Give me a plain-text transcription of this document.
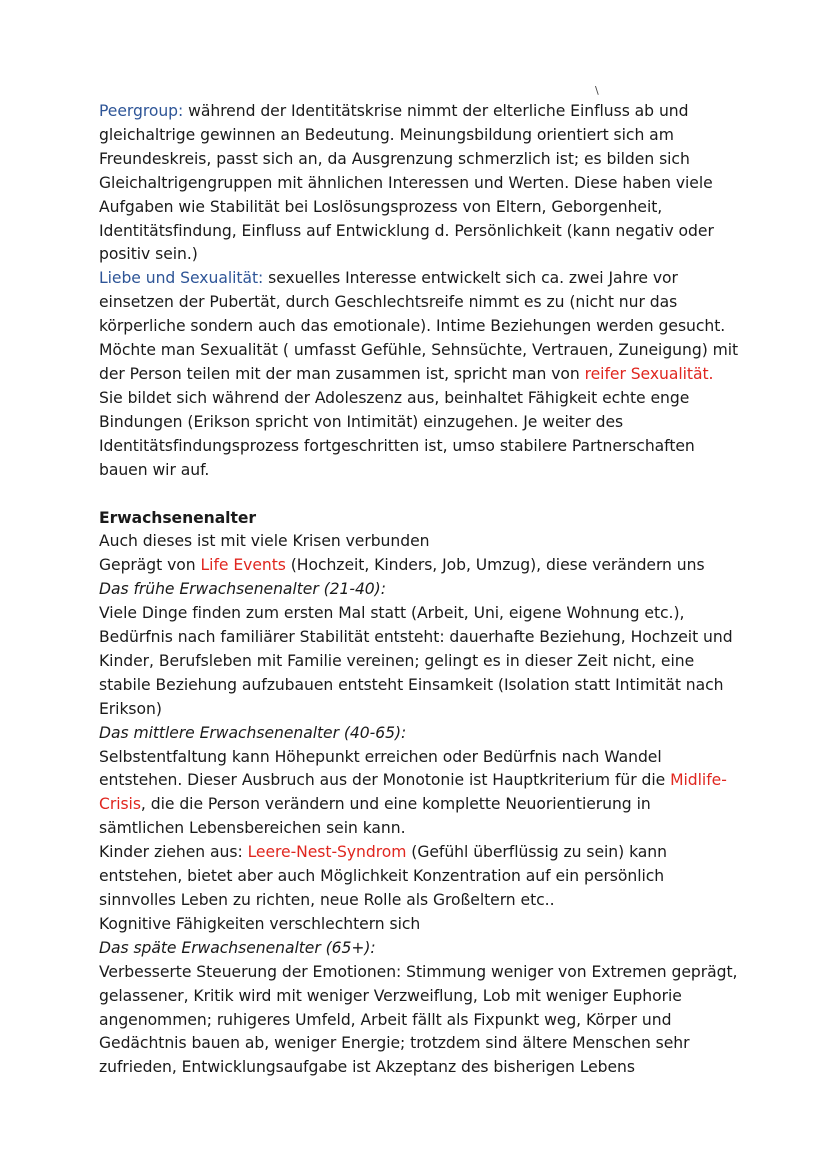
\

Peergroup: während der Identitätskrise nimmt der elterliche Einfluss ab und gleichaltrige gewinnen an Bedeutung. Meinungsbildung orientiert sich am Freundeskreis, passt sich an, da Ausgrenzung schmerzlich ist; es bilden sich Gleichaltrigengruppen mit ähnlichen Interessen und Werten. Diese haben viele Aufgaben wie Stabilität bei Loslösungsprozess von Eltern, Geborgenheit, Identitätsfindung, Einfluss auf Entwicklung d. Persönlichkeit (kann negativ oder positiv sein.)

Liebe und Sexualität: sexuelles Interesse entwickelt sich ca. zwei Jahre vor einsetzen der Pubertät, durch Geschlechtsreife nimmt es zu (nicht nur das körperliche sondern auch das emotionale). Intime Beziehungen werden gesucht. Möchte man Sexualität ( umfasst Gefühle, Sehnsüchte, Vertrauen, Zuneigung) mit der Person teilen mit der man zusammen ist, spricht man von reifer Sexualität. Sie bildet sich während der Adoleszenz aus, beinhaltet Fähigkeit echte enge Bindungen (Erikson spricht von Intimität) einzugehen. Je weiter des Identitätsfindungsprozess fortgeschritten ist, umso stabilere Partnerschaften bauen wir auf.

Erwachsenenalter

Auch dieses ist mit viele Krisen verbunden

Geprägt von Life Events (Hochzeit, Kinders, Job, Umzug), diese verändern uns

Das frühe Erwachsenenalter (21-40):

Viele Dinge finden zum ersten Mal statt (Arbeit, Uni, eigene Wohnung etc.), Bedürfnis nach familiärer Stabilität entsteht: dauerhafte Beziehung, Hochzeit und Kinder, Berufsleben mit Familie vereinen; gelingt es in dieser Zeit nicht, eine stabile Beziehung aufzubauen entsteht Einsamkeit (Isolation statt Intimität nach Erikson)

Das mittlere Erwachsenenalter (40-65):

Selbstentfaltung kann Höhepunkt erreichen oder Bedürfnis nach Wandel entstehen. Dieser Ausbruch aus der Monotonie ist Hauptkriterium für die Midlife-Crisis, die die Person verändern und eine komplette Neuorientierung in sämtlichen Lebensbereichen sein kann.

Kinder ziehen aus: Leere-Nest-Syndrom (Gefühl überflüssig zu sein) kann entstehen, bietet aber auch Möglichkeit Konzentration auf ein persönlich sinnvolles Leben zu richten, neue Rolle als Großeltern etc..

Kognitive Fähigkeiten verschlechtern sich

Das späte Erwachsenenalter (65+):

Verbesserte Steuerung der Emotionen: Stimmung weniger von Extremen geprägt, gelassener, Kritik wird mit weniger Verzweiflung, Lob mit weniger Euphorie angenommen; ruhigeres Umfeld, Arbeit fällt als Fixpunkt weg, Körper und Gedächtnis bauen ab, weniger Energie; trotzdem sind ältere Menschen sehr zufrieden, Entwicklungsaufgabe ist Akzeptanz des bisherigen Lebens
